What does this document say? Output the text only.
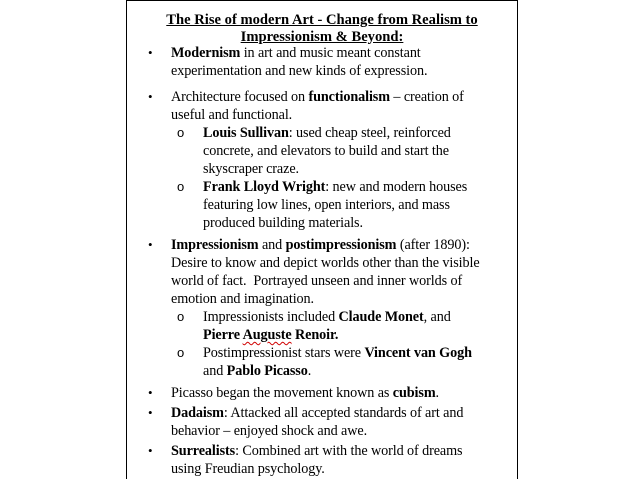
The Rise of modern Art - Change from Realism to
Impressionism & Beyond:
• Modernism in art and music meant constant
experimentation and new kinds of expression.
• Architecture focused on functionalism – creation of
useful and functional.
o Louis Sullivan: used cheap steel, reinforced
concrete, and elevators to build and start the
skyscraper craze.
o Frank Lloyd Wright: new and modern houses
featuring low lines, open interiors, and mass
produced building materials.
• Impressionism and postimpressionism (after 1890):
Desire to know and depict worlds other than the visible
world of fact.  Portrayed unseen and inner worlds of
emotion and imagination.
o Impressionists included Claude Monet, and
Pierre Auguste Renoir.
o Postimpressionist stars were Vincent van Gogh
and Pablo Picasso.
• Picasso began the movement known as cubism.
• Dadaism: Attacked all accepted standards of art and
behavior – enjoyed shock and awe.
• Surrealists: Combined art with the world of dreams
using Freudian psychology.
